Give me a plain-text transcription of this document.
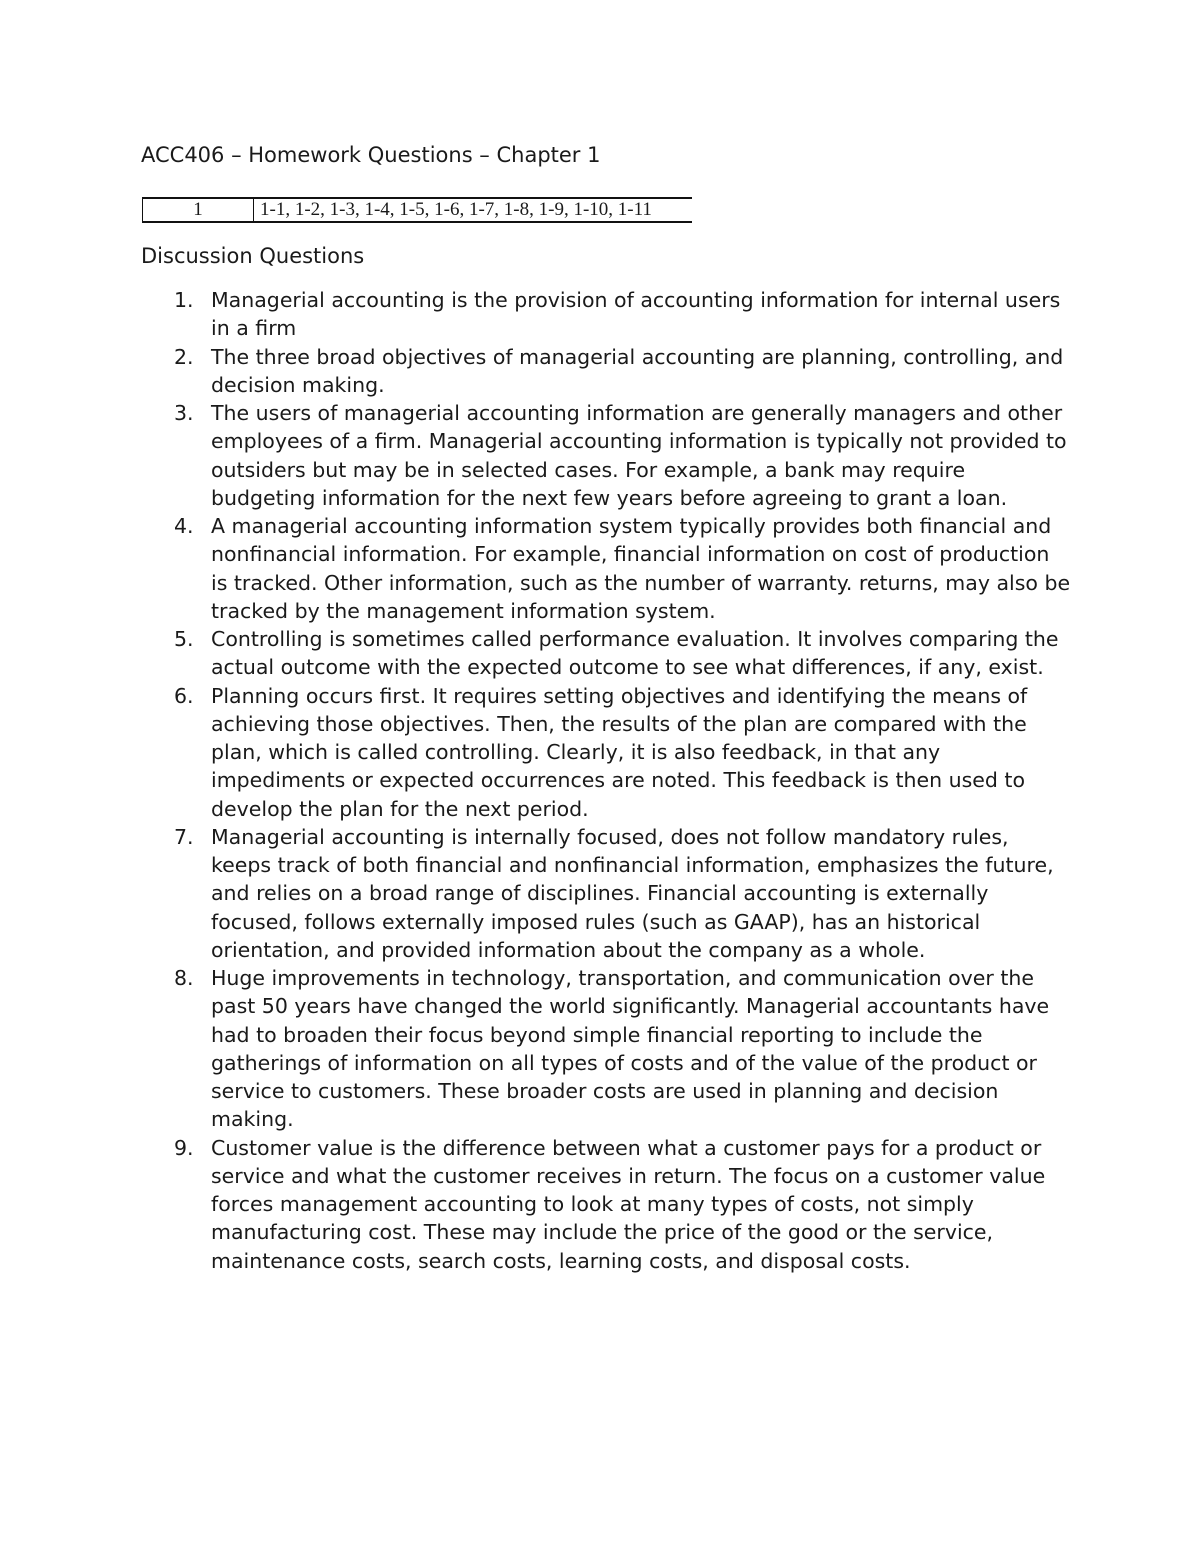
ACC406 – Homework Questions – Chapter 1
1	1-1, 1-2, 1-3, 1-4, 1-5, 1-6, 1-7, 1-8, 1-9, 1-10, 1-11
Discussion Questions
1. Managerial accounting is the provision of accounting information for internal users in a firm
2. The three broad objectives of managerial accounting are planning, controlling, and decision making.
3. The users of managerial accounting information are generally managers and other employees of a firm. Managerial accounting information is typically not provided to outsiders but may be in selected cases. For example, a bank may require budgeting information for the next few years before agreeing to grant a loan.
4. A managerial accounting information system typically provides both financial and nonfinancial information. For example, financial information on cost of production is tracked. Other information, such as the number of warranty. returns, may also be tracked by the management information system.
5. Controlling is sometimes called performance evaluation. It involves comparing the actual outcome with the expected outcome to see what differences, if any, exist.
6. Planning occurs first. It requires setting objectives and identifying the means of achieving those objectives. Then, the results of the plan are compared with the plan, which is called controlling. Clearly, it is also feedback, in that any impediments or expected occurrences are noted. This feedback is then used to develop the plan for the next period.
7. Managerial accounting is internally focused, does not follow mandatory rules, keeps track of both financial and nonfinancial information, emphasizes the future, and relies on a broad range of disciplines. Financial accounting is externally focused, follows externally imposed rules (such as GAAP), has an historical orientation, and provided information about the company as a whole.
8. Huge improvements in technology, transportation, and communication over the past 50 years have changed the world significantly. Managerial accountants have had to broaden their focus beyond simple financial reporting to include the gatherings of information on all types of costs and of the value of the product or service to customers. These broader costs are used in planning and decision making.
9. Customer value is the difference between what a customer pays for a product or service and what the customer receives in return. The focus on a customer value forces management accounting to look at many types of costs, not simply manufacturing cost. These may include the price of the good or the service, maintenance costs, search costs, learning costs, and disposal costs.
